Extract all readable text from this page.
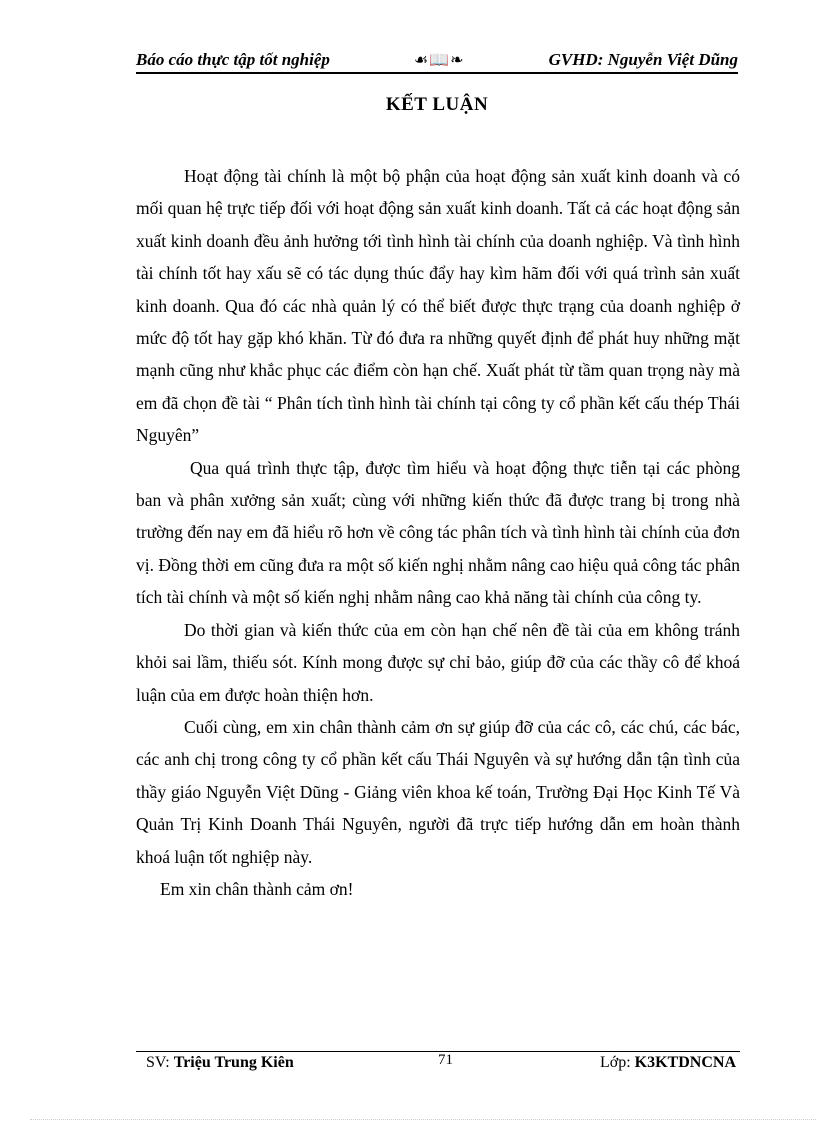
Báo cáo thực tập tốt nghiệp	☙📖❧	GVHD: Nguyễn Việt Dũng
KẾT LUẬN

Hoạt động tài chính là một bộ phận của hoạt động sản xuất kinh doanh và có mối quan hệ trực tiếp đối với hoạt động sản xuất kinh doanh. Tất cả các hoạt động sản xuất kinh doanh đều ảnh hưởng tới tình hình tài chính của doanh nghiệp. Và tình hình tài chính tốt hay xấu sẽ có tác dụng thúc đẩy hay kìm hãm đối với quá trình sản xuất kinh doanh. Qua đó các nhà quản lý có thể biết được thực trạng của doanh nghiệp ở mức độ tốt hay gặp khó khăn. Từ đó đưa ra những quyết định để phát huy những mặt mạnh cũng như khắc phục các điểm còn hạn chế. Xuất phát từ tầm quan trọng này mà em đã chọn đề tài “ Phân tích tình hình tài chính tại công ty cổ phần kết cấu thép Thái Nguyên”

Qua quá trình thực tập, được tìm hiểu và hoạt động thực tiễn tại các phòng ban và phân xưởng sản xuất; cùng với những kiến thức đã được trang bị trong nhà trường đến nay em đã hiểu rõ hơn về công tác phân tích và tình hình tài chính của đơn vị. Đồng thời em cũng đưa ra một số kiến nghị nhằm nâng cao hiệu quả công tác phân tích tài chính và một số kiến nghị nhằm nâng cao khả năng tài chính của công ty.

Do thời gian và kiến thức của em còn hạn chế nên đề tài của em không tránh khỏi sai lầm, thiếu sót. Kính mong được sự chỉ bảo, giúp đỡ của các thầy cô để khoá luận của em được hoàn thiện hơn.

Cuối cùng, em xin chân thành cảm ơn sự giúp đỡ của các cô, các chú, các bác, các anh chị trong công ty cổ phần kết cấu Thái Nguyên và sự hướng dẫn tận tình của thầy giáo Nguyễn Việt Dũng - Giảng viên khoa kế toán, Trường Đại Học Kinh Tế Và Quản Trị Kinh Doanh Thái Nguyên, người đã trực tiếp hướng dẫn em hoàn thành khoá luận tốt nghiệp này.

Em xin chân thành cảm ơn!

SV: Triệu Trung Kiên	71	Lớp: K3KTDNCNA
